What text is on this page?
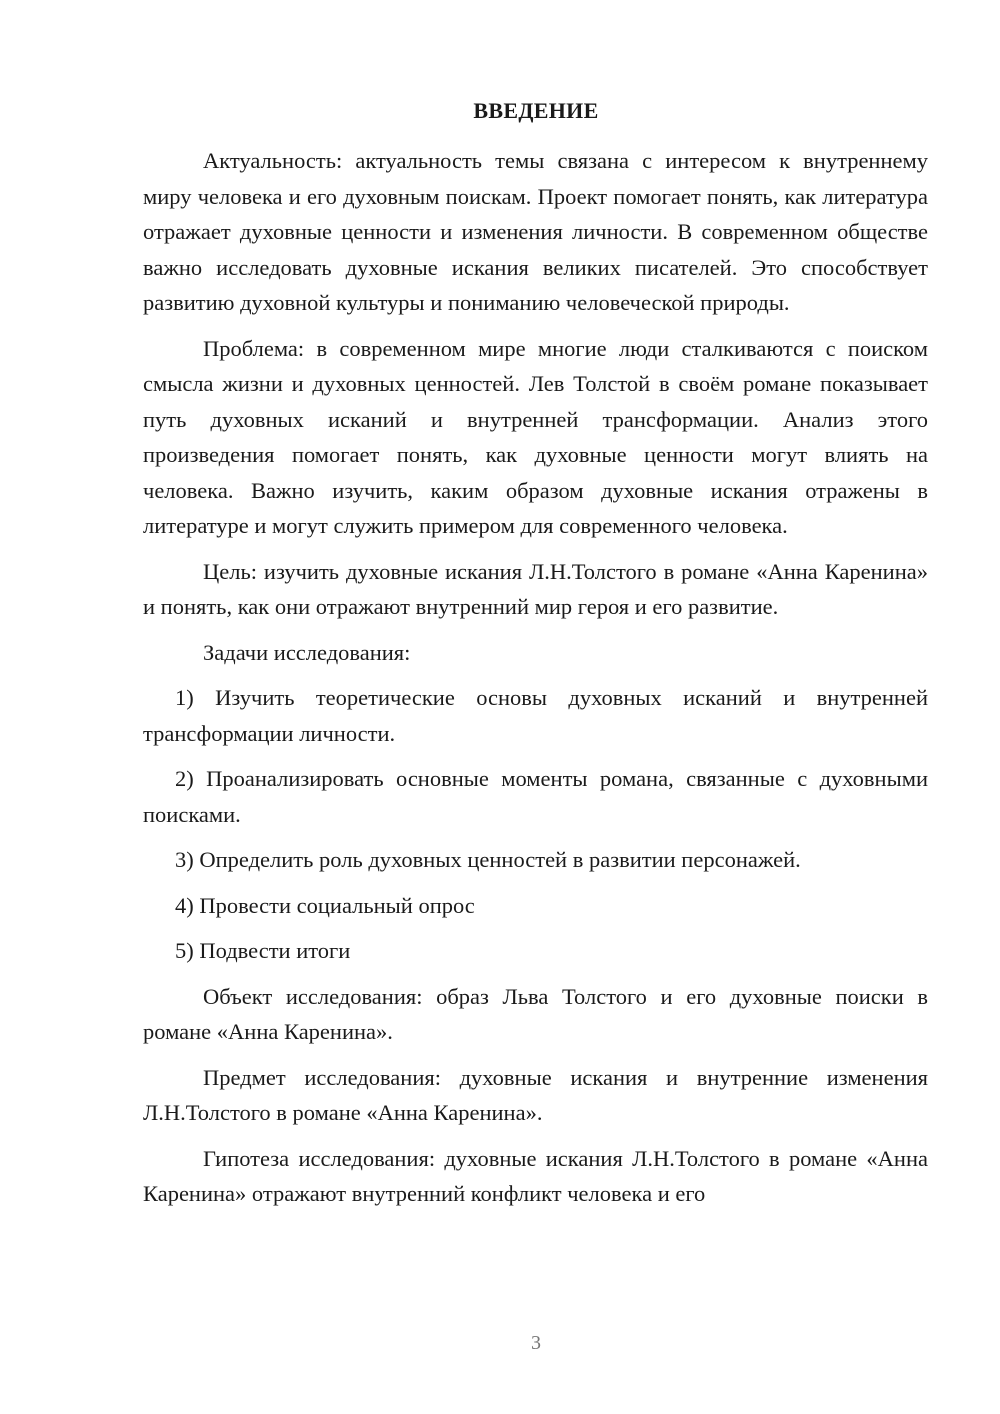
ВВЕДЕНИЕ

Актуальность: актуальность темы связана с интересом к внутреннему миру человека и его духовным поискам. Проект помогает понять, как литература отражает духовные ценности и изменения личности. В современном обществе важно исследовать духовные искания великих писателей. Это способствует развитию духовной культуры и пониманию человеческой природы.

Проблема: в современном мире многие люди сталкиваются с поиском смысла жизни и духовных ценностей. Лев Толстой в своём романе показывает путь духовных исканий и внутренней трансформации. Анализ этого произведения помогает понять, как духовные ценности могут влиять на человека. Важно изучить, каким образом духовные искания отражены в литературе и могут служить примером для современного человека.

Цель: изучить духовные искания Л.Н.Толстого в романе «Анна Каренина» и понять, как они отражают внутренний мир героя и его развитие.

Задачи исследования:

1) Изучить теоретические основы духовных исканий и внутренней трансформации личности.

2) Проанализировать основные моменты романа, связанные с духовными поисками.

3) Определить роль духовных ценностей в развитии персонажей.

4) Провести социальный опрос

5) Подвести итоги

Объект исследования: образ Льва Толстого и его духовные поиски в романе «Анна Каренина».

Предмет исследования: духовные искания и внутренние изменения Л.Н.Толстого в романе «Анна Каренина».

Гипотеза исследования: духовные искания Л.Н.Толстого в романе «Анна Каренина» отражают внутренний конфликт человека и его

3
